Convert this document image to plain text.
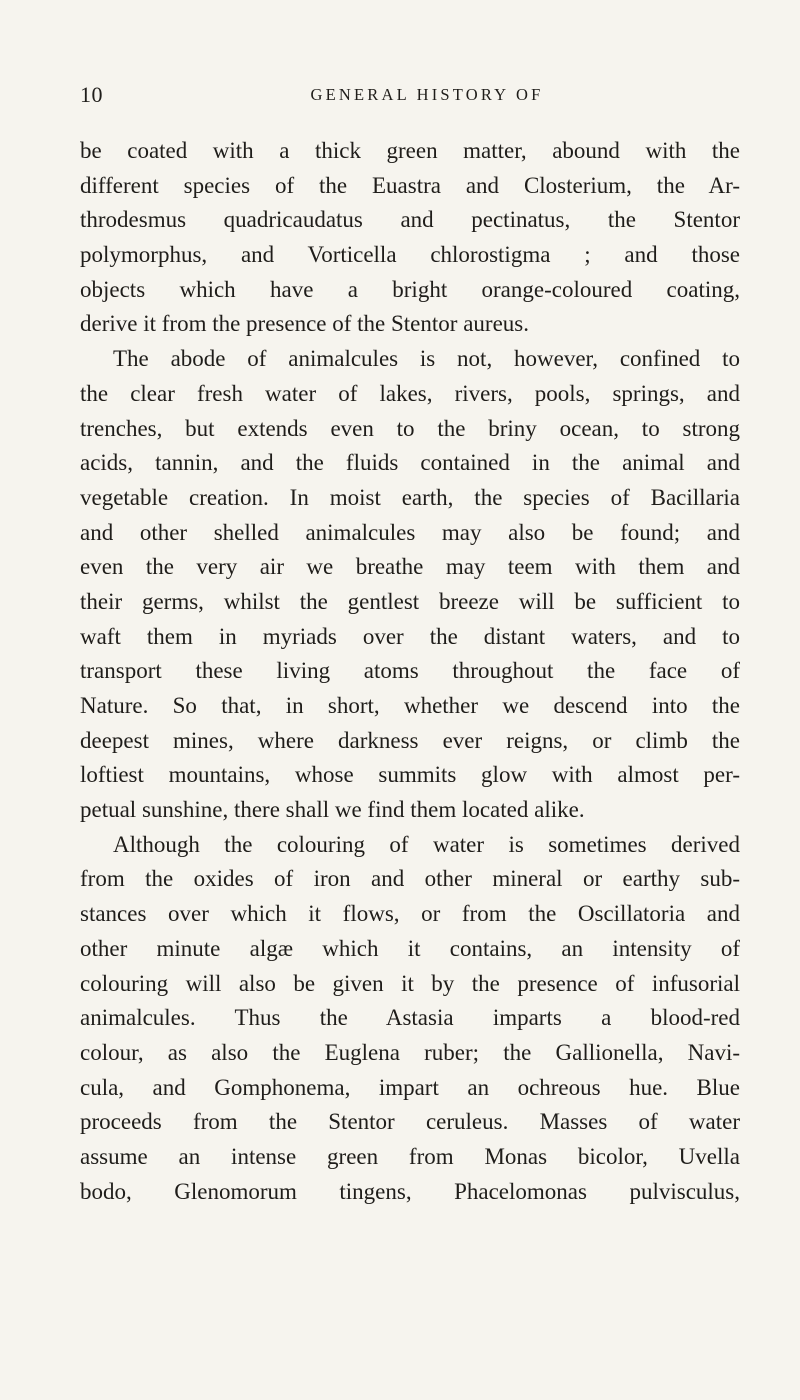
10	GENERAL HISTORY OF
be coated with a thick green matter, abound with the
different species of the Euastra and Closterium, the Ar-
throdesmus quadricaudatus and pectinatus, the Stentor
polymorphus, and Vorticella chlorostigma ; and those
objects which have a bright orange-coloured coating,
derive it from the presence of the Stentor aureus.
The abode of animalcules is not, however, confined to
the clear fresh water of lakes, rivers, pools, springs, and
trenches, but extends even to the briny ocean, to strong
acids, tannin, and the fluids contained in the animal and
vegetable creation. In moist earth, the species of Bacillaria
and other shelled animalcules may also be found; and
even the very air we breathe may teem with them and
their germs, whilst the gentlest breeze will be sufficient to
waft them in myriads over the distant waters, and to
transport these living atoms throughout the face of
Nature. So that, in short, whether we descend into the
deepest mines, where darkness ever reigns, or climb the
loftiest mountains, whose summits glow with almost per-
petual sunshine, there shall we find them located alike.
Although the colouring of water is sometimes derived
from the oxides of iron and other mineral or earthy sub-
stances over which it flows, or from the Oscillatoria and
other minute algæ which it contains, an intensity of
colouring will also be given it by the presence of infusorial
animalcules. Thus the Astasia imparts a blood-red
colour, as also the Euglena ruber; the Gallionella, Navi-
cula, and Gomphonema, impart an ochreous hue. Blue
proceeds from the Stentor ceruleus. Masses of water
assume an intense green from Monas bicolor, Uvella
bodo, Glenomorum tingens, Phacelomonas pulvisculus,
